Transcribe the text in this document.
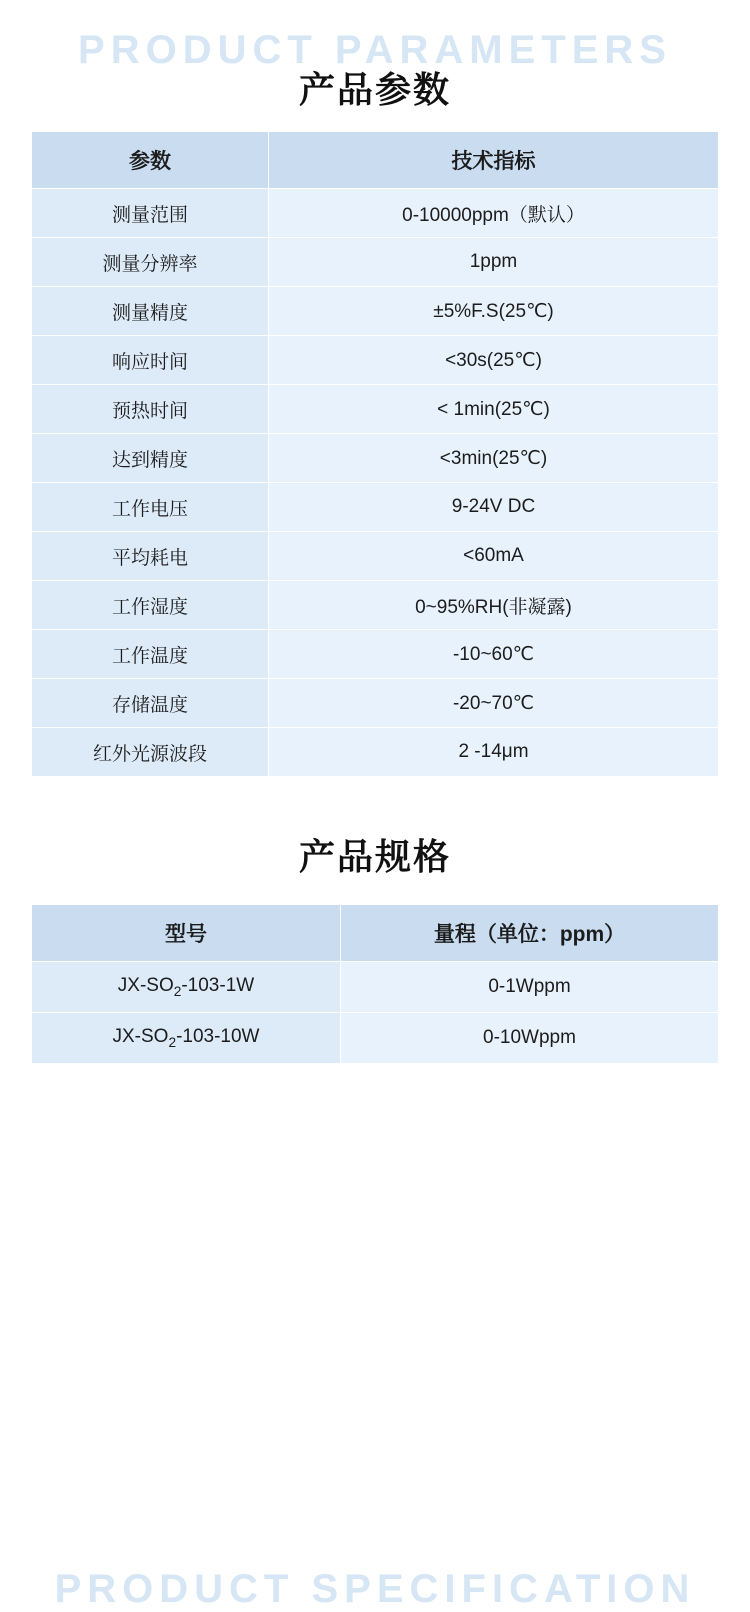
PRODUCT PARAMETERS
产品参数
参数	技术指标
测量范围	0-10000ppm（默认）
测量分辨率	1ppm
测量精度	±5%F.S(25℃)
响应时间	<30s(25℃)
预热时间	< 1min(25℃)
达到精度	<3min(25℃)
工作电压	9-24V DC
平均耗电	<60mA
工作湿度	0~95%RH(非凝露)
工作温度	-10~60℃
存储温度	-20~70℃
红外光源波段	2 -14μm
PRODUCT SPECIFICATION
产品规格
型号	量程（单位：ppm）
$JX-SO_2-103-1W$	0-1Wppm
$JX-SO_2-103-10W$	0-10Wppm
